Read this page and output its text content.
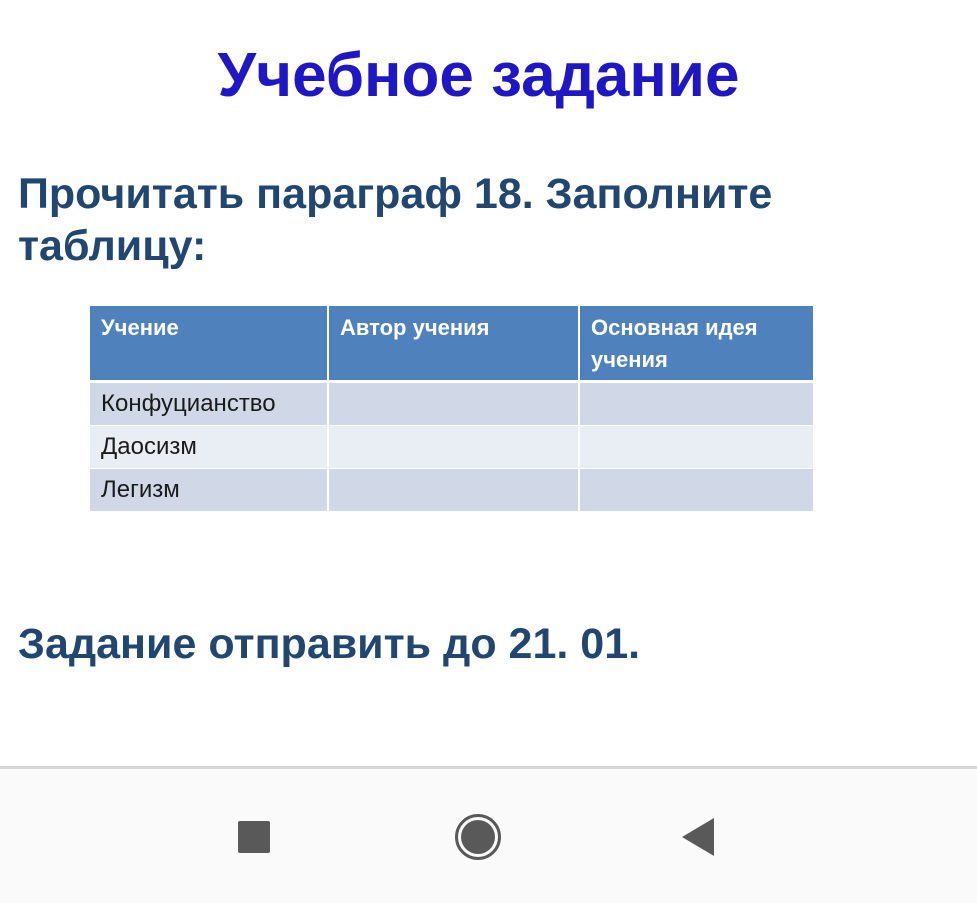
Учебное задание

Прочитать параграф 18. Заполните таблицу:

Учение	Автор учения	Основная идея учения
Конфуцианство		
Даосизм		
Легизм		

Задание отправить до 21. 01.
